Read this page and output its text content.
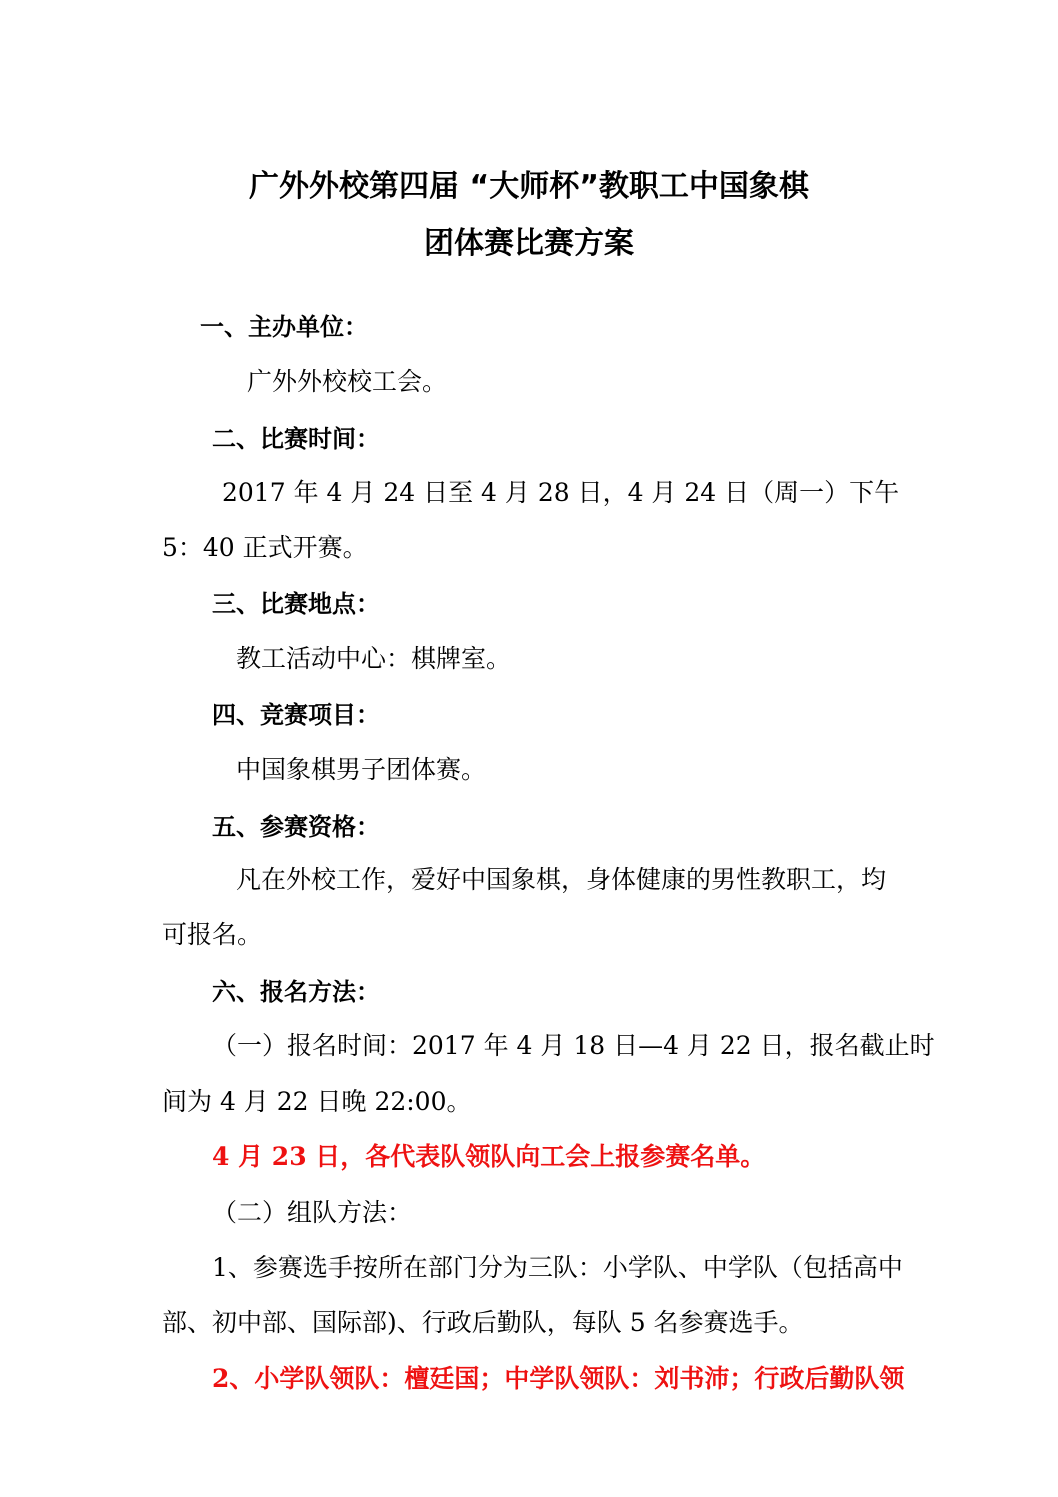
广外外校第四届 “大师杯”教职工中国象棋
团体赛比赛方案
一、主办单位：
广外外校校工会。
二、比赛时间：
2017 年 4 月 24 日至 4 月 28 日，4 月 24 日（周一）下午
5：40 正式开赛。
三、比赛地点：
教工活动中心：棋牌室。
四、竞赛项目：
中国象棋男子团体赛。
五、参赛资格：
凡在外校工作，爱好中国象棋，身体健康的男性教职工，均
可报名。
六、报名方法：
（一）报名时间：2017 年 4 月 18 日—4 月 22 日，报名截止时
间为 4 月 22 日晚 22:00。
4 月 23 日，各代表队领队向工会上报参赛名单。
（二）组队方法：
1、参赛选手按所在部门分为三队：小学队、中学队（包括高中
部、初中部、国际部)、行政后勤队，每队 5 名参赛选手。
2、小学队领队：檀廷国；中学队领队：刘书沛；行政后勤队领
